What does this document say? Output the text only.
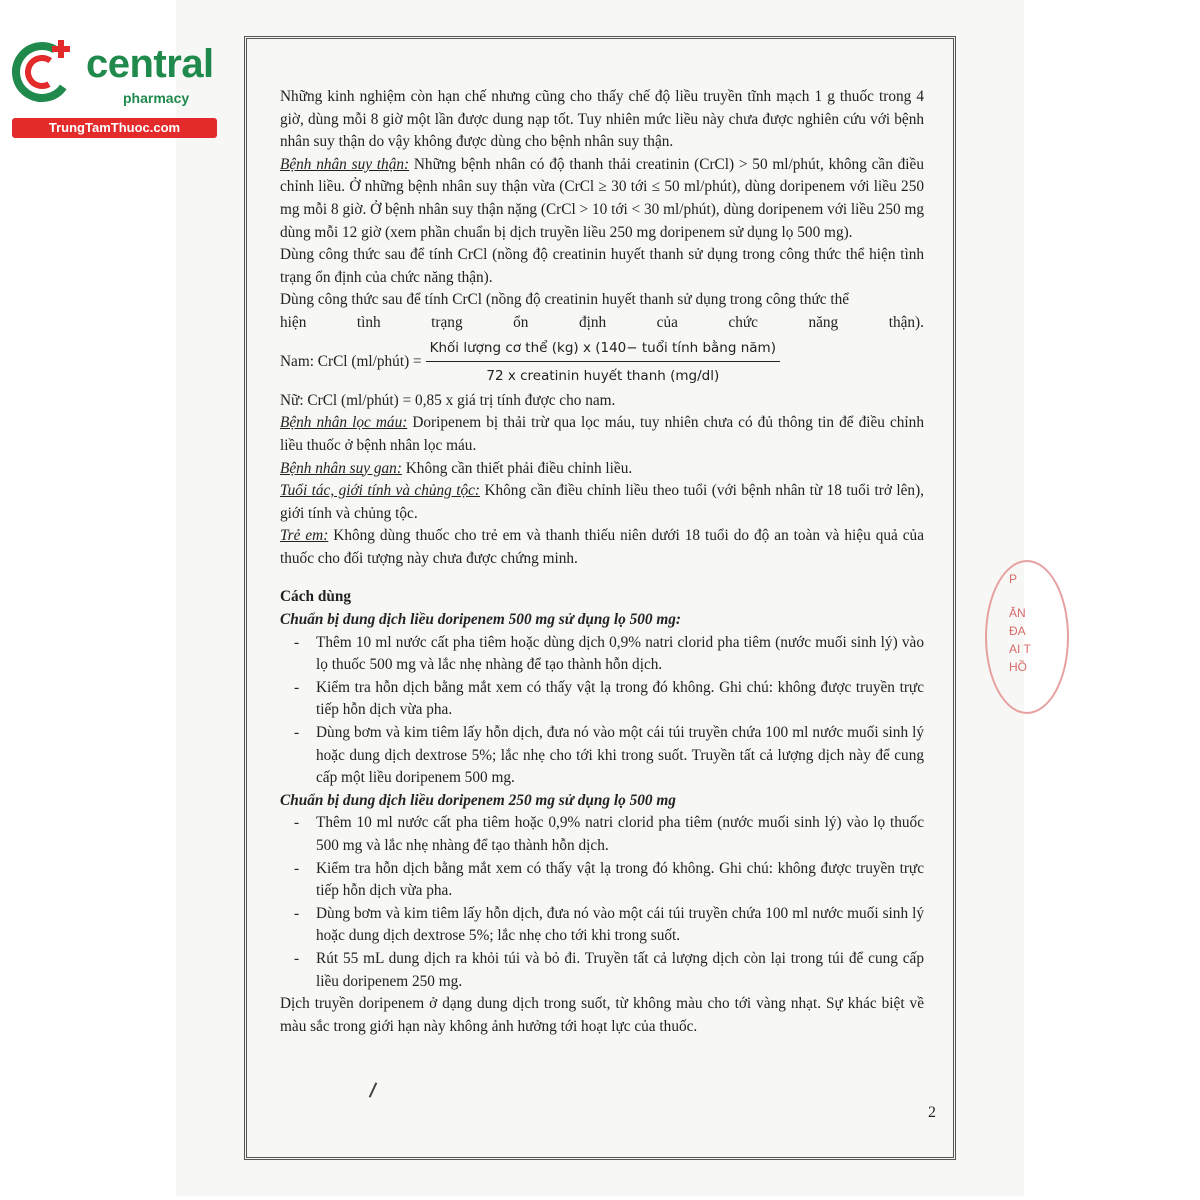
central
pharmacy
TrungTamThuoc.com

Những kinh nghiệm còn hạn chế nhưng cũng cho thấy chế độ liều truyền tĩnh mạch 1 g thuốc trong 4 giờ, dùng mỗi 8 giờ một lần được dung nạp tốt. Tuy nhiên mức liều này chưa được nghiên cứu với bệnh nhân suy thận do vậy không được dùng cho bệnh nhân suy thận.

Bệnh nhân suy thận: Những bệnh nhân có độ thanh thải creatinin (CrCl) > 50 ml/phút, không cần điều chỉnh liều. Ở những bệnh nhân suy thận vừa (CrCl ≥ 30 tới ≤ 50 ml/phút), dùng doripenem với liều 250 mg mỗi 8 giờ. Ở bệnh nhân suy thận nặng (CrCl > 10 tới < 30 ml/phút), dùng doripenem với liều 250 mg dùng mỗi 12 giờ (xem phần chuẩn bị dịch truyền liều 250 mg doripenem sử dụng lọ 500 mg).

Dùng công thức sau để tính CrCl (nồng độ creatinin huyết thanh sử dụng trong công thức thể hiện tình trạng ổn định của chức năng thận).

Dùng công thức sau để tính CrCl (nồng độ creatinin huyết thanh sử dụng trong công thức thể

hiện	tình	trạng	ổn	định	của	chức	năng	thận).
Nam: CrCl (ml/phút) = $\frac{\text{Khối lượng cơ thể (kg) x (140− tuổi tính bằng năm)}}{\text{72 x creatinin huyết thanh (mg/dl)}}$

Nữ: CrCl (ml/phút) = 0,85 x giá trị tính được cho nam.

Bệnh nhân lọc máu: Doripenem bị thải trừ qua lọc máu, tuy nhiên chưa có đủ thông tin để điều chỉnh liều thuốc ở bệnh nhân lọc máu.

Bệnh nhân suy gan: Không cần thiết phải điều chỉnh liều.

Tuổi tác, giới tính và chủng tộc: Không cần điều chỉnh liều theo tuổi (với bệnh nhân từ 18 tuổi trở lên), giới tính và chủng tộc.

Trẻ em: Không dùng thuốc cho trẻ em và thanh thiếu niên dưới 18 tuổi do độ an toàn và hiệu quả của thuốc cho đối tượng này chưa được chứng minh.

Cách dùng

Chuẩn bị dung dịch liều doripenem 500 mg sử dụng lọ 500 mg:

-	Thêm 10 ml nước cất pha tiêm hoặc dùng dịch 0,9% natri clorid pha tiêm (nước muối sinh lý) vào lọ thuốc 500 mg và lắc nhẹ nhàng để tạo thành hỗn dịch.
-	Kiểm tra hỗn dịch bằng mắt xem có thấy vật lạ trong đó không. Ghi chú: không được truyền trực tiếp hỗn dịch vừa pha.
-	Dùng bơm và kim tiêm lấy hỗn dịch, đưa nó vào một cái túi truyền chứa 100 ml nước muối sinh lý hoặc dung dịch dextrose 5%; lắc nhẹ cho tới khi trong suốt. Truyền tất cả lượng dịch này để cung cấp một liều doripenem 500 mg.

Chuẩn bị dung dịch liều doripenem 250 mg sử dụng lọ 500 mg

-	Thêm 10 ml nước cất pha tiêm hoặc 0,9% natri clorid pha tiêm (nước muối sinh lý) vào lọ thuốc 500 mg và lắc nhẹ nhàng để tạo thành hỗn dịch.
-	Kiểm tra hỗn dịch bằng mắt xem có thấy vật lạ trong đó không. Ghi chú: không được truyền trực tiếp hỗn dịch vừa pha.
-	Dùng bơm và kim tiêm lấy hỗn dịch, đưa nó vào một cái túi truyền chứa 100 ml nước muối sinh lý hoặc dung dịch dextrose 5%; lắc nhẹ cho tới khi trong suốt.
-	Rút 55 mL dung dịch ra khỏi túi và bỏ đi. Truyền tất cả lượng dịch còn lại trong túi để cung cấp liều doripenem 250 mg.

Dịch truyền doripenem ở dạng dung dịch trong suốt, từ không màu cho tới vàng nhạt. Sự khác biệt về màu sắc trong giới hạn này không ảnh hưởng tới hoạt lực của thuốc.

2
P
ĂN
ĐA
AI T
HỒ
